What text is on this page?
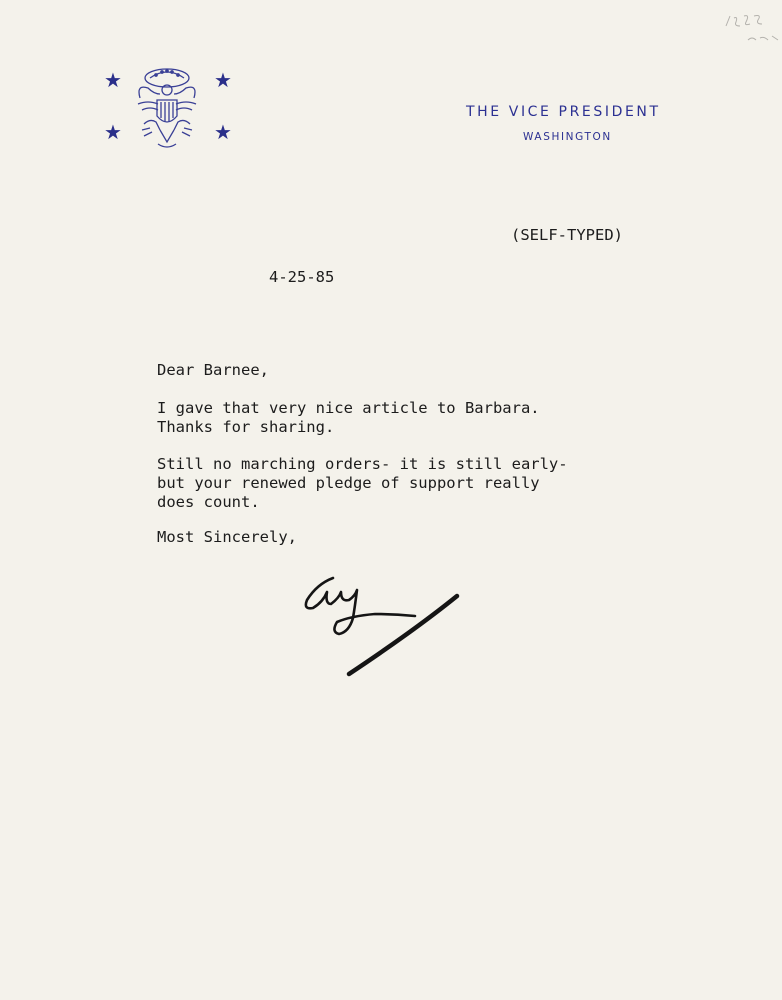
★	★
★	★
THE VICE PRESIDENT
WASHINGTON
(SELF-TYPED)
4-25-85
Dear Barnee,
I gave that very nice article to Barbara.
Thanks for sharing.
Still no marching orders- it is still early-
but your renewed pledge of support really
does count.
Most Sincerely,
